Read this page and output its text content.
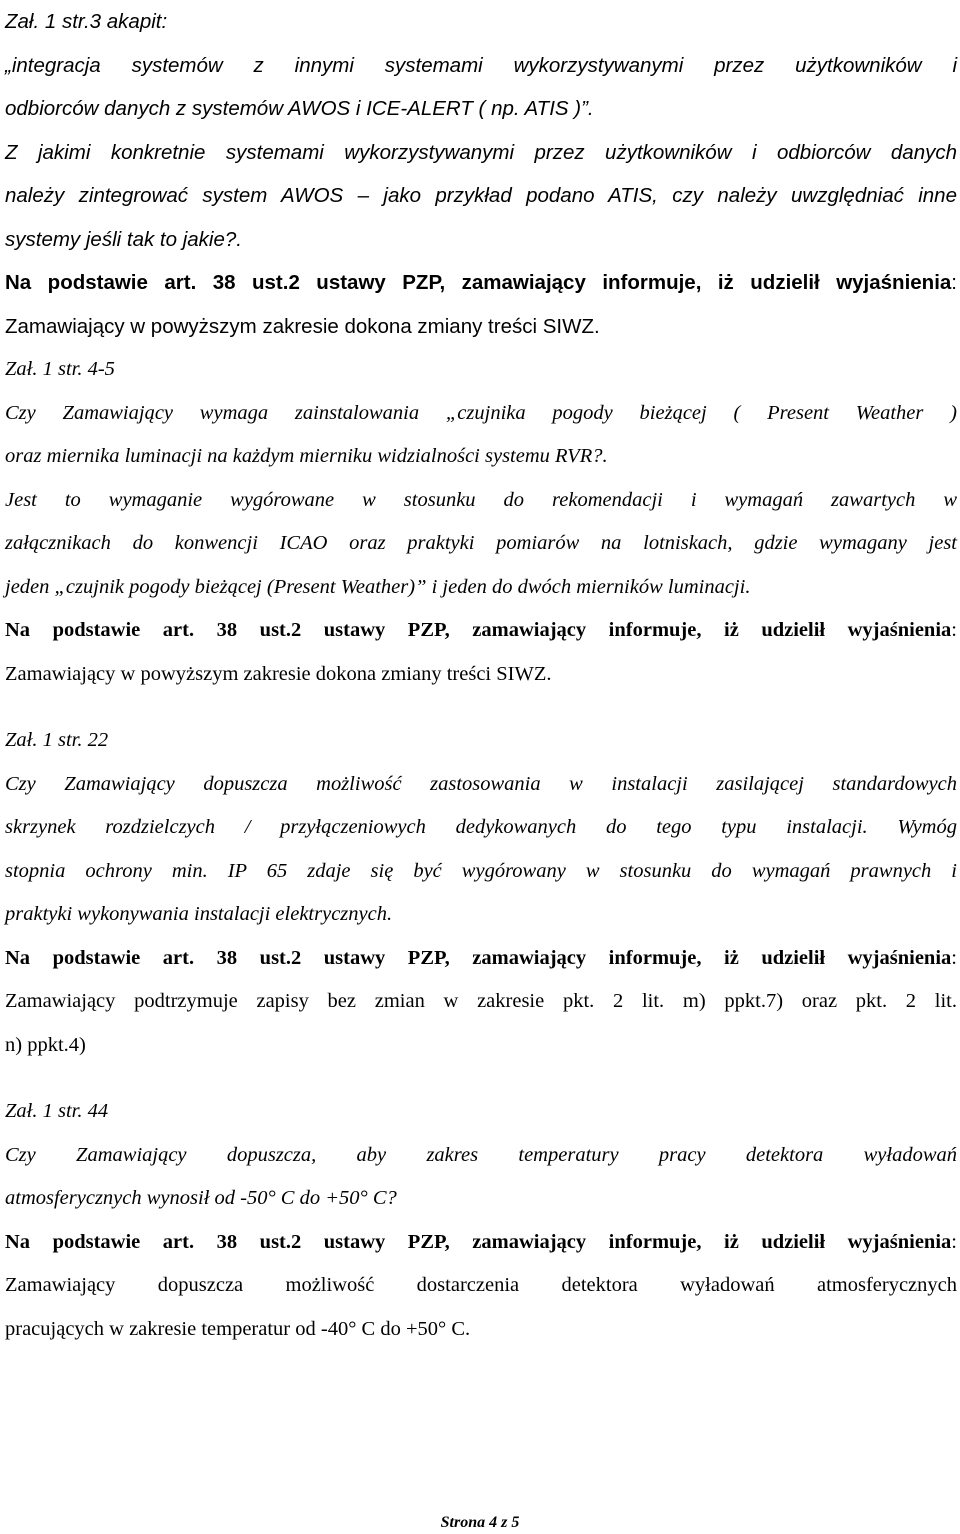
Zał. 1 str.3 akapit:
„integracja systemów z innymi systemami wykorzystywanymi przez użytkowników i
odbiorców danych z systemów AWOS i ICE-ALERT ( np. ATIS )”.
Z jakimi konkretnie systemami wykorzystywanymi przez użytkowników i odbiorców danych
należy zintegrować system AWOS – jako przykład podano ATIS, czy należy uwzględniać inne
systemy jeśli tak to jakie?.
Na podstawie art. 38 ust.2 ustawy PZP, zamawiający informuje, iż udzielił wyjaśnienia:
Zamawiający w powyższym zakresie dokona zmiany treści SIWZ.
Zał. 1 str. 4-5
Czy Zamawiający wymaga zainstalowania „czujnika pogody bieżącej ( Present Weather )
oraz miernika luminacji na każdym mierniku widzialności systemu RVR?.
Jest to wymaganie wygórowane w stosunku do rekomendacji i wymagań zawartych w
załącznikach do konwencji ICAO oraz praktyki pomiarów na lotniskach, gdzie wymagany jest
jeden „czujnik pogody bieżącej (Present Weather)” i jeden do dwóch mierników luminacji.
Na podstawie art. 38 ust.2 ustawy PZP, zamawiający informuje, iż udzielił wyjaśnienia:
Zamawiający w powyższym zakresie dokona zmiany treści SIWZ.
Zał. 1 str. 22
Czy Zamawiający dopuszcza możliwość zastosowania w instalacji zasilającej standardowych
skrzynek rozdzielczych / przyłączeniowych dedykowanych do tego typu instalacji. Wymóg
stopnia ochrony min. IP 65 zdaje się być wygórowany w stosunku do wymagań prawnych i
praktyki wykonywania instalacji elektrycznych.
Na podstawie art. 38 ust.2 ustawy PZP, zamawiający informuje, iż udzielił wyjaśnienia:
Zamawiający podtrzymuje zapisy bez zmian w zakresie pkt. 2 lit. m) ppkt.7) oraz pkt. 2 lit.
n) ppkt.4)
Zał. 1 str. 44
Czy Zamawiający dopuszcza, aby zakres temperatury pracy detektora wyładowań
atmosferycznych wynosił od -50° C do +50° C?
Na podstawie art. 38 ust.2 ustawy PZP, zamawiający informuje, iż udzielił wyjaśnienia:
Zamawiający dopuszcza możliwość dostarczenia detektora wyładowań atmosferycznych
pracujących w zakresie temperatur od -40° C do +50° C.
Strona 4 z 5
